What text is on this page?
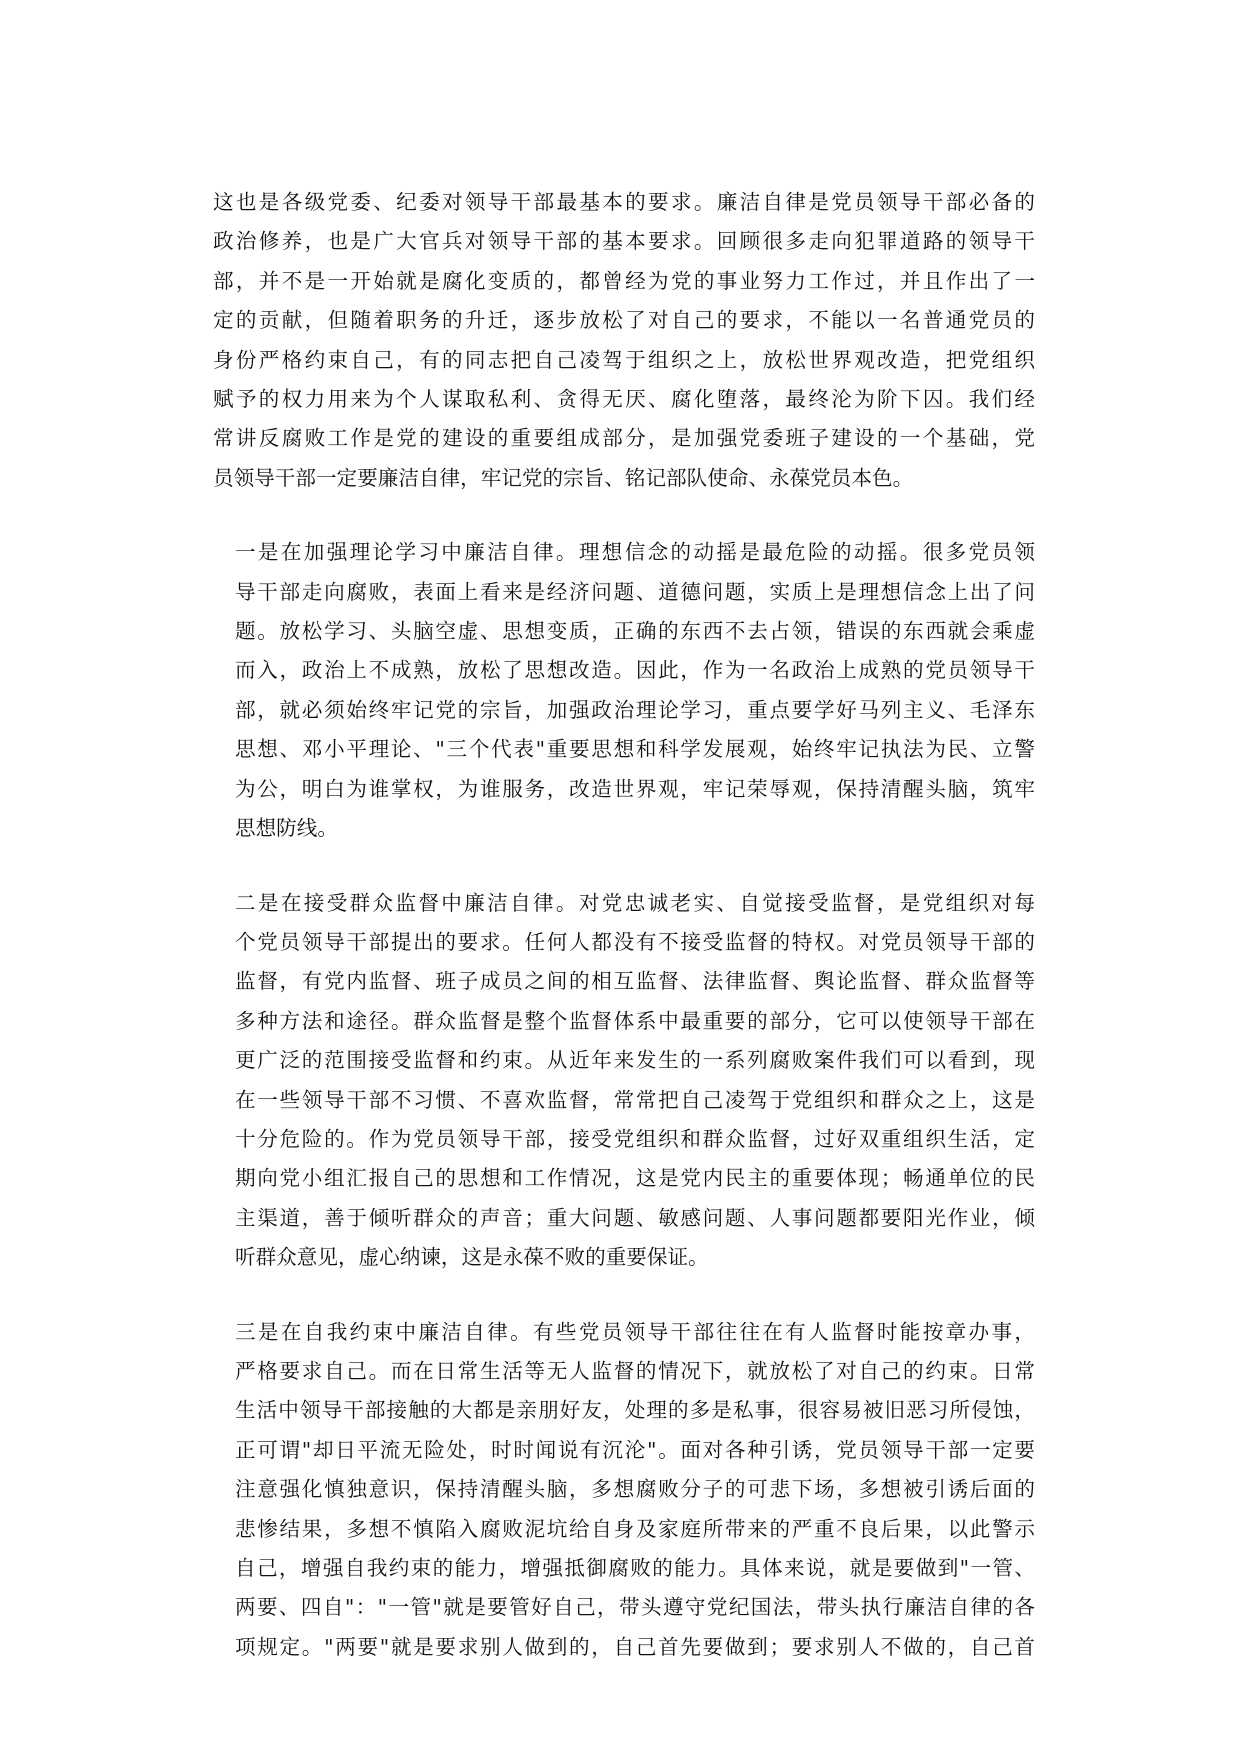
这也是各级党委、纪委对领导干部最基本的要求。廉洁自律是党员领导干部必备的
政治修养，也是广大官兵对领导干部的基本要求。回顾很多走向犯罪道路的领导干
部，并不是一开始就是腐化变质的，都曾经为党的事业努力工作过，并且作出了一
定的贡献，但随着职务的升迁，逐步放松了对自己的要求，不能以一名普通党员的
身份严格约束自己，有的同志把自己凌驾于组织之上，放松世界观改造，把党组织
赋予的权力用来为个人谋取私利、贪得无厌、腐化堕落，最终沦为阶下囚。我们经
常讲反腐败工作是党的建设的重要组成部分，是加强党委班子建设的一个基础，党
员领导干部一定要廉洁自律，牢记党的宗旨、铭记部队使命、永葆党员本色。
一是在加强理论学习中廉洁自律。理想信念的动摇是最危险的动摇。很多党员领
导干部走向腐败，表面上看来是经济问题、道德问题，实质上是理想信念上出了问
题。放松学习、头脑空虚、思想变质，正确的东西不去占领，错误的东西就会乘虚
而入，政治上不成熟，放松了思想改造。因此，作为一名政治上成熟的党员领导干
部，就必须始终牢记党的宗旨，加强政治理论学习，重点要学好马列主义、毛泽东
思想、邓小平理论、"三个代表"重要思想和科学发展观，始终牢记执法为民、立警
为公，明白为谁掌权，为谁服务，改造世界观，牢记荣辱观，保持清醒头脑，筑牢
思想防线。
二是在接受群众监督中廉洁自律。对党忠诚老实、自觉接受监督，是党组织对每
个党员领导干部提出的要求。任何人都没有不接受监督的特权。对党员领导干部的
监督，有党内监督、班子成员之间的相互监督、法律监督、舆论监督、群众监督等
多种方法和途径。群众监督是整个监督体系中最重要的部分，它可以使领导干部在
更广泛的范围接受监督和约束。从近年来发生的一系列腐败案件我们可以看到，现
在一些领导干部不习惯、不喜欢监督，常常把自己凌驾于党组织和群众之上，这是
十分危险的。作为党员领导干部，接受党组织和群众监督，过好双重组织生活，定
期向党小组汇报自己的思想和工作情况，这是党内民主的重要体现；畅通单位的民
主渠道，善于倾听群众的声音；重大问题、敏感问题、人事问题都要阳光作业，倾
听群众意见，虚心纳谏，这是永葆不败的重要保证。
三是在自我约束中廉洁自律。有些党员领导干部往往在有人监督时能按章办事，
严格要求自己。而在日常生活等无人监督的情况下，就放松了对自己的约束。日常
生活中领导干部接触的大都是亲朋好友，处理的多是私事，很容易被旧恶习所侵蚀，
正可谓"却日平流无险处，时时闻说有沉沦"。面对各种引诱，党员领导干部一定要
注意强化慎独意识，保持清醒头脑，多想腐败分子的可悲下场，多想被引诱后面的
悲惨结果，多想不慎陷入腐败泥坑给自身及家庭所带来的严重不良后果，以此警示
自己，增强自我约束的能力，增强抵御腐败的能力。具体来说，就是要做到"一管、
两要、四自"："一管"就是要管好自己，带头遵守党纪国法，带头执行廉洁自律的各
项规定。"两要"就是要求别人做到的，自己首先要做到；要求别人不做的，自己首
